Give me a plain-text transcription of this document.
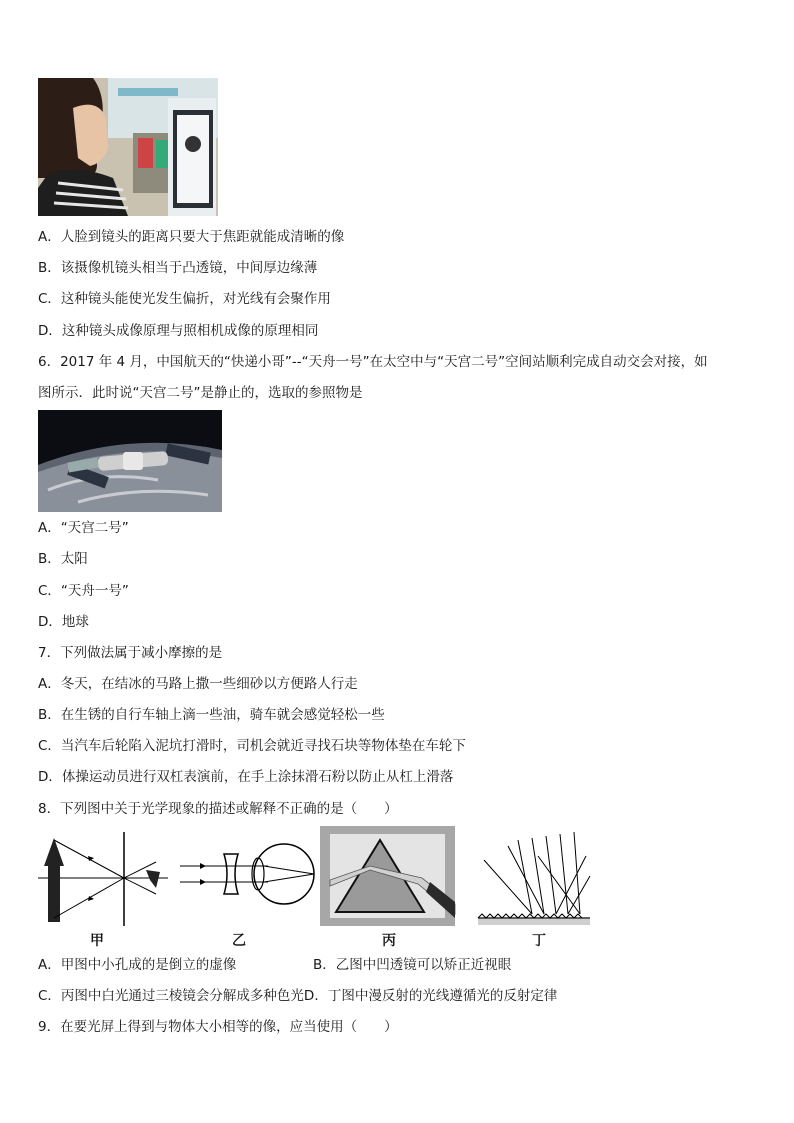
A．人脸到镜头的距离只要大于焦距就能成清晰的像
B．该摄像机镜头相当于凸透镜，中间厚边缘薄
C．这种镜头能使光发生偏折，对光线有会聚作用
D．这种镜头成像原理与照相机成像的原理相同
6．2017 年 4 月，中国航天的“快递小哥”--“天舟一号”在太空中与“天宫二号”空间站顺利完成自动交会对接，如
图所示．此时说“天宫二号”是静止的，选取的参照物是
A．“天宫二号”
B．太阳
C．“天舟一号”
D．地球
7．下列做法属于减小摩擦的是
A．冬天，在结冰的马路上撒一些细砂以方便路人行走
B．在生锈的自行车轴上滴一些油，骑车就会感觉轻松一些
C．当汽车后轮陷入泥坑打滑时，司机会就近寻找石块等物体垫在车轮下
D．体操运动员进行双杠表演前，在手上涂抹滑石粉以防止从杠上滑落
8．下列图中关于光学现象的描述或解释不正确的是（　　）
甲	乙	丙	丁
A．甲图中小孔成的是倒立的虚像	B．乙图中凹透镜可以矫正近视眼
C．丙图中白光通过三棱镜会分解成多种色光D．丁图中漫反射的光线遵循光的反射定律
9．在要光屏上得到与物体大小相等的像，应当使用（　　）
